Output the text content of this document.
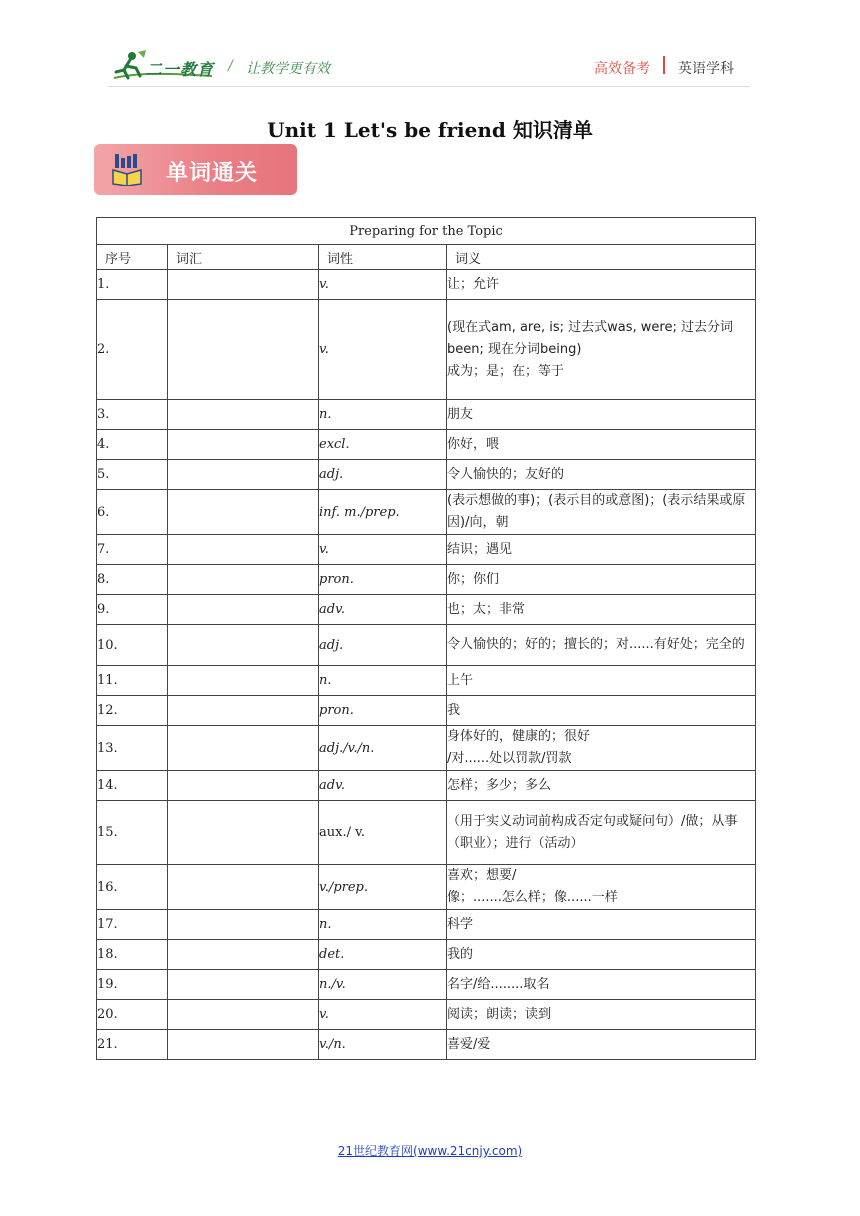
二一教育 / 让教学更有效	高效备考 英语学科
Unit 1 Let's be friend 知识清单
单词通关
Preparing for the Topic			
序号	词汇	词性	词义
1.		v.	让；允许
2.		v.	(现在式am, are, is; 过去式was, were; 过去分词been; 现在分词being)
成为；是；在；等于
3.		n.	朋友
4.		excl.	你好，喂
5.		adj.	令人愉快的；友好的
6.		inf. m./prep.	(表示想做的事)；(表示目的或意图)；(表示结果或原因)/向，朝
7.		v.	结识；遇见
8.		pron.	你；你们
9.		adv.	也；太；非常
10.		adj.	令人愉快的；好的；擅长的；对......有好处；完全的
11.		n.	上午
12.		pron.	我
13.		adj./v./n.	身体好的，健康的；很好
/对......处以罚款/罚款
14.		adv.	怎样；多少；多么
15.		aux./ v.	（用于实义动词前构成否定句或疑问句）/做；从事（职业）；进行（活动）
16.		v./prep.	喜欢；想要/
像；.......怎么样；像......一样
17.		n.	科学
18.		det.	我的
19.		n./v.	名字/给........取名
20.		v.	阅读；朗读；读到
21.		v./n.	喜爱/爱
21世纪教育网(www.21cnjy.com)
